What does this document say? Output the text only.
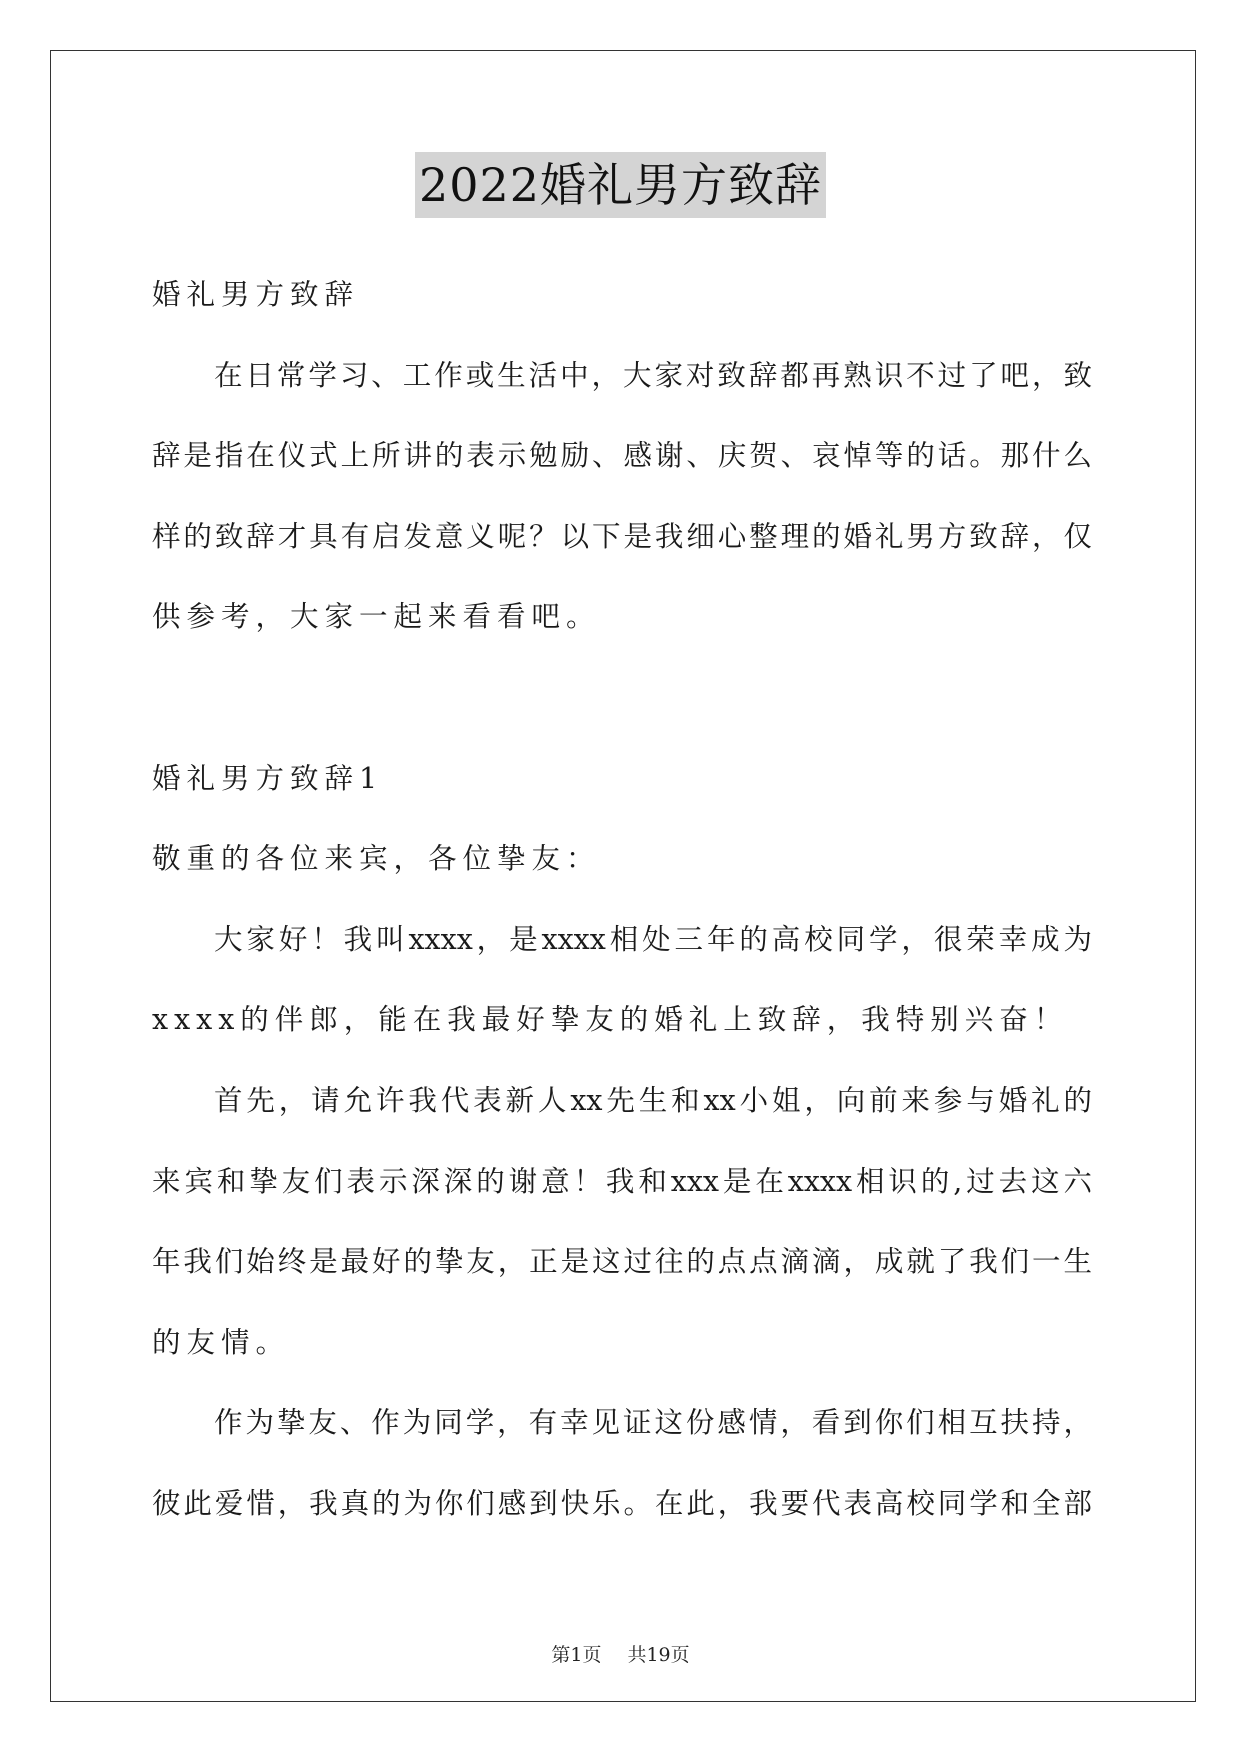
2022婚礼男方致辞
婚礼男方致辞
在日常学习、工作或生活中，大家对致辞都再熟识不过了吧，致
辞是指在仪式上所讲的表示勉励、感谢、庆贺、哀悼等的话。那什么
样的致辞才具有启发意义呢？以下是我细心整理的婚礼男方致辞，仅
供参考，大家一起来看看吧。
婚礼男方致辞1
敬重的各位来宾，各位挚友：
大家好！我叫xxxx，是xxxx相处三年的高校同学，很荣幸成为
xxxx的伴郎，能在我最好挚友的婚礼上致辞，我特别兴奋！
首先，请允许我代表新人xx先生和xx小姐，向前来参与婚礼的
来宾和挚友们表示深深的谢意！我和xxx是在xxxx相识的,过去这六
年我们始终是最好的挚友，正是这过往的点点滴滴，成就了我们一生
的友情。
作为挚友、作为同学，有幸见证这份感情，看到你们相互扶持，
彼此爱惜，我真的为你们感到快乐。在此，我要代表高校同学和全部
第1页 共19页
